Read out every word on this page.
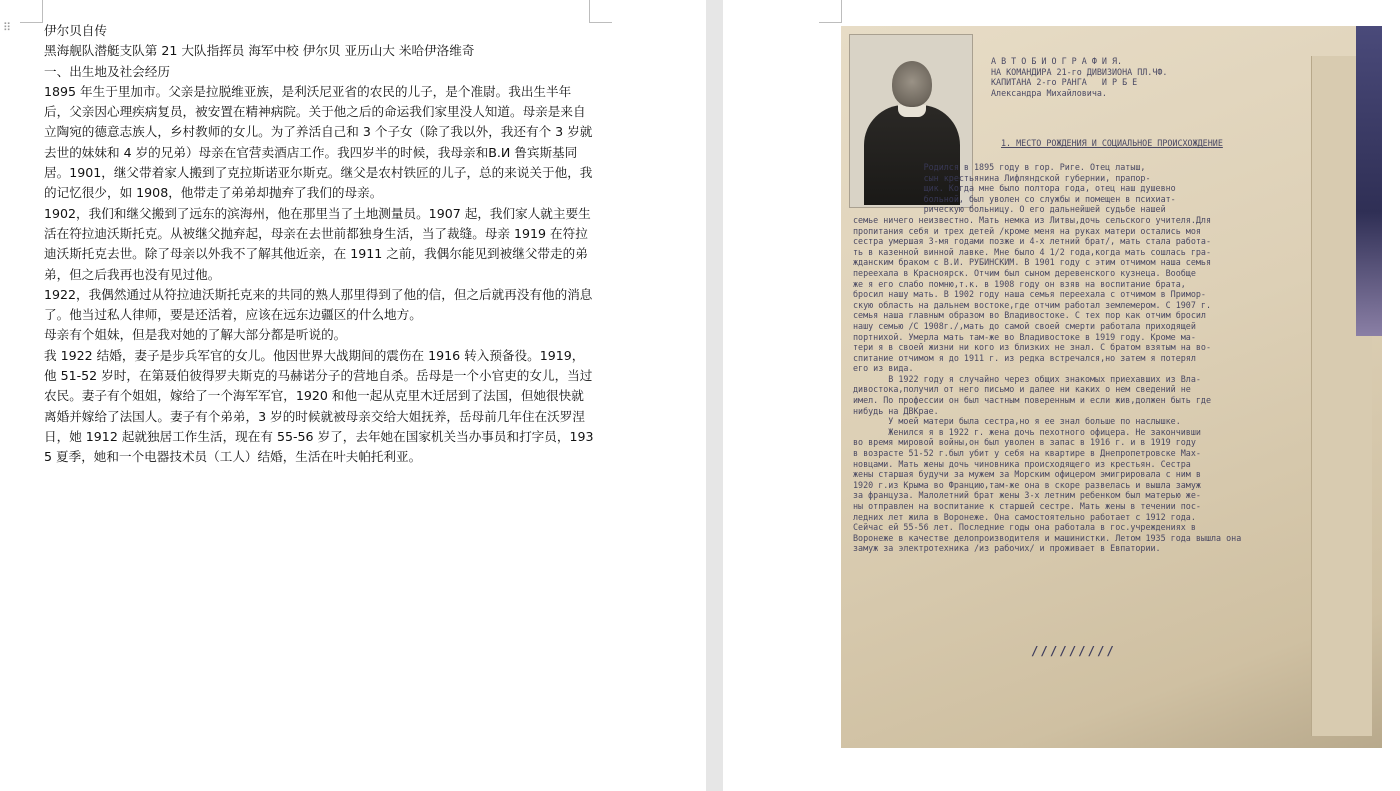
⠿	伊尔贝自传

黑海舰队潜艇支队第 21 大队指挥员 海军中校 伊尔贝 亚历山大 米哈伊洛维奇

一、出生地及社会经历

1895 年生于里加市。父亲是拉脱维亚族，是利沃尼亚省的农民的儿子，是个准尉。我出生半年后，父亲因心理疾病复员，被安置在精神病院。关于他之后的命运我们家里没人知道。母亲是来自立陶宛的德意志族人，乡村教师的女儿。为了养活自己和 3 个子女（除了我以外，我还有个 3 岁就去世的妹妹和 4 岁的兄弟）母亲在官营卖酒店工作。我四岁半的时候，我母亲和В.И 鲁宾斯基同居。1901，继父带着家人搬到了克拉斯诺亚尔斯克。继父是农村铁匠的儿子，总的来说关于他，我的记忆很少，如 1908，他带走了弟弟却抛弃了我们的母亲。

1902，我们和继父搬到了远东的滨海州，他在那里当了土地测量员。1907 起，我们家人就主要生活在符拉迪沃斯托克。从被继父抛弃起，母亲在去世前都独身生活，当了裁缝。母亲 1919 在符拉迪沃斯托克去世。除了母亲以外我不了解其他近亲，在 1911 之前，我偶尔能见到被继父带走的弟弟，但之后我再也没有见过他。

1922，我偶然通过从符拉迪沃斯托克来的共同的熟人那里得到了他的信，但之后就再没有他的消息了。他当过私人律师，要是还活着，应该在远东边疆区的什么地方。

母亲有个姐妹，但是我对她的了解大部分都是听说的。

我 1922 结婚，妻子是步兵军官的女儿。他因世界大战期间的震伤在 1916 转入预备役。1919，他 51-52 岁时，在第聂伯彼得罗夫斯克的马赫诺分子的营地自杀。岳母是一个小官吏的女儿，当过农民。妻子有个姐姐，嫁给了一个海军军官，1920 和他一起从克里木迁居到了法国，但她很快就离婚并嫁给了法国人。妻子有个弟弟，3 岁的时候就被母亲交给大姐抚养，岳母前几年住在沃罗涅日，她 1912 起就独居工作生活，现在有 55-56 岁了，去年她在国家机关当办事员和打字员，1935 夏季，她和一个电器技术员（工人）结婚，生活在叶夫帕托利亚。

А В Т О Б И О Г Р А Ф И Я.
НА КОМАНДИРА 21-го ДИВИЗИОНА ПЛ.ЧФ.
КАПИТАНА 2-го РАНГА   И Р Б Е
Александра Михайловича.
1. МЕСТО РОЖДЕНИЯ И СОЦИАЛЬНОЕ ПРОИСХОЖДЕНИЕ
Родился в 1895 году в гор. Риге. Отец латыш,
сын крестьянина Лифляндской губернии, прапор-
щик. Когда мне было полтора года, отец наш душевно
больной, был уволен со службы и помещен в психиат-
рическую больницу. О его дальнейшей судьбе нашей
семье ничего неизвестно. Мать немка из Литвы,дочь сельского учителя.Для
пропитания себя и трех детей /кроме меня на руках матери остались моя
сестра умершая 3-мя годами позже и 4-х летний брат/, мать стала работа-
ть в казенной винной лавке. Мне было 4 1/2 года,когда мать сошлась гра-
жданским браком с В.И. РУБИНСКИМ. В 1901 году с этим отчимом наша семья
переехала в Красноярск. Отчим был сыном деревенского кузнеца. Вообще
же я его слабо помню,т.к. в 1908 году он взяв на воспитание брата,
бросил нашу мать. В 1902 году наша семья переехала с отчимом в Примор-
скую область на дальнем востоке,где отчим работал землемером. С 1907 г.
семья наша главным образом во Владивостоке. С тех пор как отчим бросил
нашу семью /С 1908г./,мать до самой своей смерти работала приходящей
портнихой. Умерла мать там-же во Владивостоке в 1919 году. Кроме ма-
тери я в своей жизни ни кого из близких не знал. С братом взятым на во-
спитание отчимом я до 1911 г. из редка встречался,но затем я потерял
его из вида.
В 1922 году я случайно через общих знакомых приехавших из Вла-
дивостока,получил от него письмо и далее ни каких о нем сведений не
имел. По профессии он был частным поверенным и если жив,должен быть где
нибудь на ДВКрае.
У моей матери была сестра,но я ее знал больше по наслышке.
Женился я в 1922 г. жена дочь пехотного офицера. Не закончивши
во время мировой войны,он был уволен в запас в 1916 г. и в 1919 году
в возрасте 51-52 г.был убит у себя на квартире в Днепропетровске Мах-
новцами. Мать жены дочь чиновника происходящего из крестьян. Сестра
жены старшая будучи за мужем за Морским офицером эмигрировала с ним в
1920 г.из Крыма во Францию,там-же она в скоре развелась и вышла замуж
за француза. Малолетний брат жены 3-х летним ребенком был матерью же-
ны отправлен на воспитание к старшей сестре. Мать жены в течении пос-
ледних лет жила в Воронеже. Она самостоятельно работает с 1912 года.
Сейчас ей 55-56 лет. Последние годы она работала в гос.учреждениях в
Воронеже в качестве делопроизводителя и машинистки. Летом 1935 года вышла она
замуж за электротехника /из рабочих/ и проживает в Евпатории.
/////////
